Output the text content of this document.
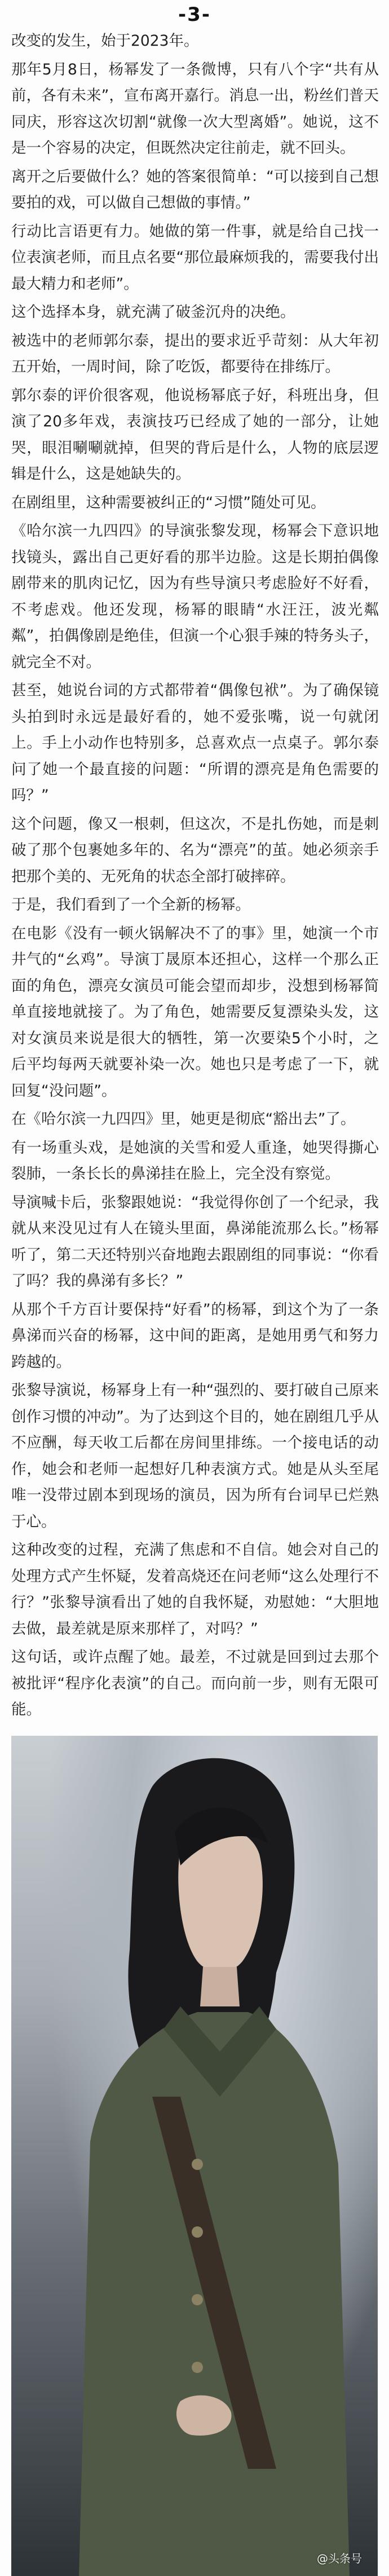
-3-

改变的发生，始于2023年。

那年5月8日，杨幂发了一条微博，只有八个字“共有从前，各有未来”，宣布离开嘉行。消息一出，粉丝们普天同庆，形容这次切割“就像一次大型离婚”。她说，这不是一个容易的决定，但既然决定往前走，就不回头。

离开之后要做什么？她的答案很简单：“可以接到自己想要拍的戏，可以做自己想做的事情。”

行动比言语更有力。她做的第一件事，就是给自己找一位表演老师，而且点名要“那位最麻烦我的，需要我付出最大精力和老师”。

这个选择本身，就充满了破釜沉舟的决绝。

被选中的老师郭尔泰，提出的要求近乎苛刻：从大年初五开始，一周时间，除了吃饭，都要待在排练厅。

郭尔泰的评价很客观，他说杨幂底子好，科班出身，但演了20多年戏，表演技巧已经成了她的一部分，让她哭，眼泪唰唰就掉，但哭的背后是什么，人物的底层逻辑是什么，这是她缺失的。

在剧组里，这种需要被纠正的“习惯”随处可见。

《哈尔滨一九四四》的导演张黎发现，杨幂会下意识地找镜头，露出自己更好看的那半边脸。这是长期拍偶像剧带来的肌肉记忆，因为有些导演只考虑脸好不好看，不考虑戏。他还发现，杨幂的眼睛“水汪汪，波光粼粼”，拍偶像剧是绝佳，但演一个心狠手辣的特务头子，就完全不对。

甚至，她说台词的方式都带着“偶像包袱”。为了确保镜头拍到时永远是最好看的，她不爱张嘴，说一句就闭上。手上小动作也特别多，总喜欢点一点桌子。郭尔泰问了她一个最直接的问题：“所谓的漂亮是角色需要的吗？”

这个问题，像又一根刺，但这次，不是扎伤她，而是刺破了那个包裹她多年的、名为“漂亮”的茧。她必须亲手把那个美的、无死角的状态全部打破摔碎。

于是，我们看到了一个全新的杨幂。

在电影《没有一顿火锅解决不了的事》里，她演一个市井气的“幺鸡”。导演丁晟原本还担心，这样一个那么正面的角色，漂亮女演员可能会望而却步，没想到杨幂简单直接地就接了。为了角色，她需要反复漂染头发，这对女演员来说是很大的牺牲，第一次要染5个小时，之后平均每两天就要补染一次。她也只是考虑了一下，就回复“没问题”。

在《哈尔滨一九四四》里，她更是彻底“豁出去”了。

有一场重头戏，是她演的关雪和爱人重逢，她哭得撕心裂肺，一条长长的鼻涕挂在脸上，完全没有察觉。

导演喊卡后，张黎跟她说：“我觉得你创了一个纪录，我就从来没见过有人在镜头里面，鼻涕能流那么长。”杨幂听了，第二天还特别兴奋地跑去跟剧组的同事说：“你看了吗？我的鼻涕有多长？”

从那个千方百计要保持“好看”的杨幂，到这个为了一条鼻涕而兴奋的杨幂，这中间的距离，是她用勇气和努力跨越的。

张黎导演说，杨幂身上有一种“强烈的、要打破自己原来创作习惯的冲动”。为了达到这个目的，她在剧组几乎从不应酬，每天收工后都在房间里排练。一个接电话的动作，她会和老师一起想好几种表演方式。她是从头至尾唯一没带过剧本到现场的演员，因为所有台词早已烂熟于心。

这种改变的过程，充满了焦虑和不自信。她会对自己的处理方式产生怀疑，发着高烧还在问老师“这么处理行不行？”张黎导演看出了她的自我怀疑，劝慰她：“大胆地去做，最差就是原来那样了，对吗？”

这句话，或许点醒了她。最差，不过就是回到过去那个被批评“程序化表演”的自己。而向前一步，则有无限可能。

@头条号
